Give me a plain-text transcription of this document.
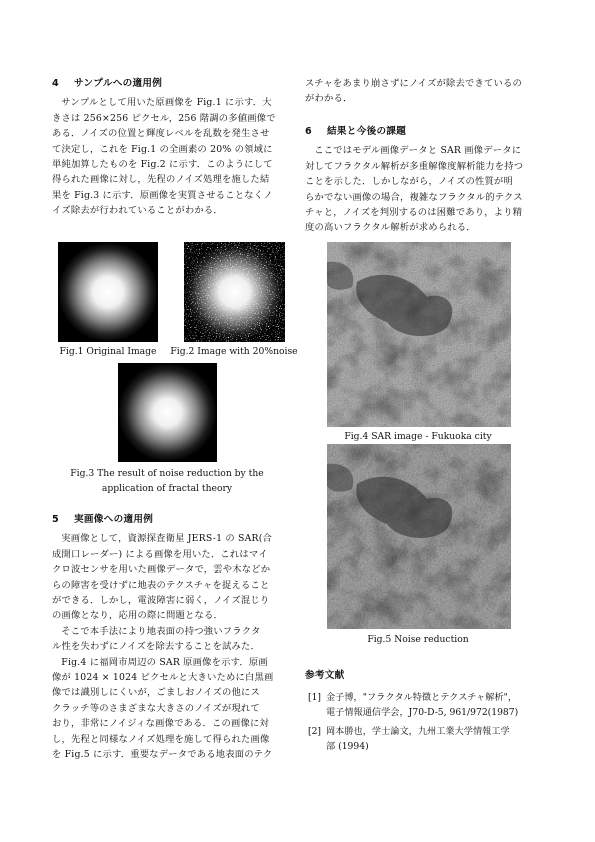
4 サンプルへの適用例
サンプルとして用いた原画像を Fig.1 に示す．大
きさは 256×256 ピクセル，256 階調の多値画像で
ある．ノイズの位置と輝度レベルを乱数を発生させ
て決定し，これを Fig.1 の全画素の 20% の領域に
単純加算したものを Fig.2 に示す．このようにして
得られた画像に対し，先程のノイズ処理を施した結
果を Fig.3 に示す．原画像を実質させることなくノ
イズ除去が行われていることがわかる．
Fig.1 Original Image	Fig.2 Image with 20%noise
Fig.3 The result of noise reduction by the
application of fractal theory
5 実画像への適用例
実画像として，資源探査衛星 JERS-1 の SAR(合
成開口レーダー) による画像を用いた．これはマイ
クロ波センサを用いた画像データで，雲や木などか
らの障害を受けずに地表のテクスチャを捉えること
ができる．しかし，電波障害に弱く，ノイズ混じり
の画像となり，応用の際に問題となる．
そこで本手法により地表面の持つ強いフラクタ
ル性を失わずにノイズを除去することを試みた．
Fig.4 に福岡市周辺の SAR 原画像を示す．原画
像が 1024 × 1024 ピクセルと大きいために白黒画
像では識別しにくいが，ごましおノイズの他にス
クラッチ等のさまざまな大きさのノイズが現れて
おり，非常にノイジィな画像である．この画像に対
し，先程と同様なノイズ処理を施して得られた画像
を Fig.5 に示す．重要なデータである地表面のテク
スチャをあまり崩さずにノイズが除去できているの
がわかる．
6 結果と今後の課題
ここではモデル画像データと SAR 画像データに
対してフラクタル解析が多重解像度解析能力を持つ
ことを示した．しかしながら，ノイズの性質が明
らかでない画像の場合，複雑なフラクタル的テクス
チャと，ノイズを判別するのは困難であり，より精
度の高いフラクタル解析が求められる．
Fig.4 SAR image - Fukuoka city
Fig.5 Noise reduction
参考文献
[1] 金子博，"フラクタル特徴とテクスチャ解析"，
電子情報通信学会，J70-D-5, 961/972(1987)
[2] 岡本勝也，学士論文，九州工業大学情報工学
部 (1994)
